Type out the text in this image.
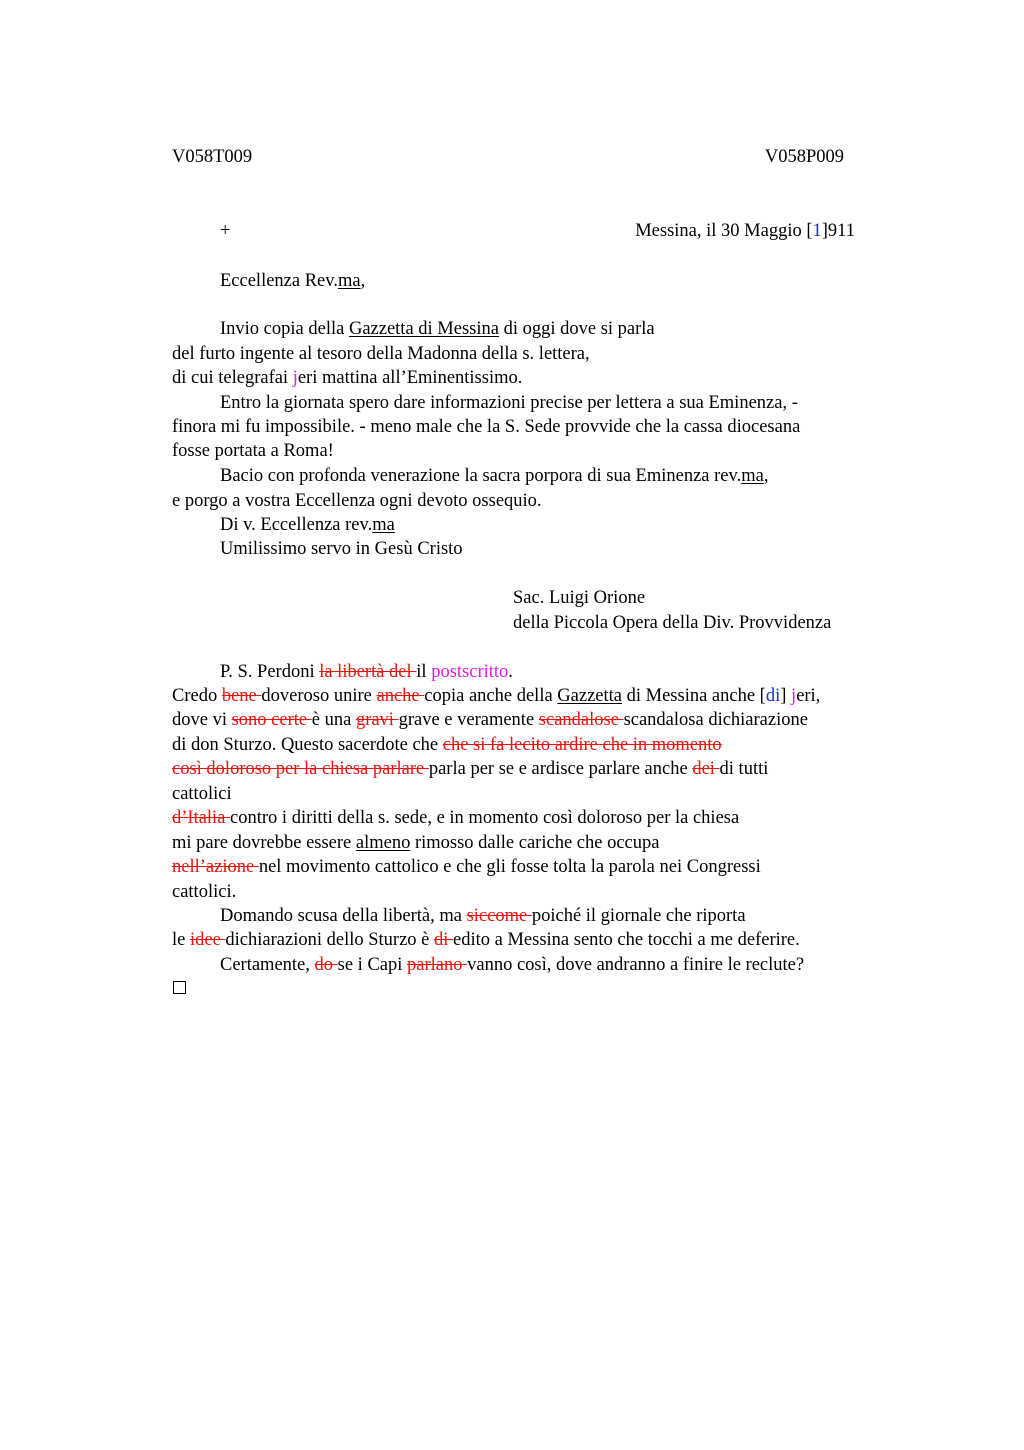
V058T009	V058P009
+	Messina, il 30 Maggio [1]911
Eccellenza Rev.ma,
Invio copia della Gazzetta di Messina di oggi dove si parla
del furto ingente al tesoro della Madonna della s. lettera,
di cui telegrafai jeri mattina all’Eminentissimo.
Entro la giornata spero dare informazioni precise per lettera a sua Eminenza, -
finora mi fu impossibile. - meno male che la S. Sede provvide che la cassa diocesana
fosse portata a Roma!
Bacio con profonda venerazione la sacra porpora di sua Eminenza rev.ma,
e porgo a vostra Eccellenza ogni devoto ossequio.
Di v. Eccellenza rev.ma
Umilissimo servo in Gesù Cristo
Sac. Luigi Orione
della Piccola Opera della Div. Provvidenza
P. S. Perdoni la libertà del il postscritto.
Credo bene doveroso unire anche copia anche della Gazzetta di Messina anche [di] jeri,
dove vi sono certe è una gravi grave e veramente scandalose scandalosa dichiarazione
di don Sturzo. Questo sacerdote che che si fa lecito ardire che in momento
così doloroso per la chiesa parlare parla per se e ardisce parlare anche dei di tutti
cattolici
d’Italia contro i diritti della s. sede, e in momento così doloroso per la chiesa
mi pare dovrebbe essere almeno rimosso dalle cariche che occupa
nell’azione nel movimento cattolico e che gli fosse tolta la parola nei Congressi
cattolici.
Domando scusa della libertà, ma siccome poiché il giornale che riporta
le idee dichiarazioni dello Sturzo è di edito a Messina sento che tocchi a me deferire.
Certamente, do se i Capi parlano vanno così, dove andranno a finire le reclute?
